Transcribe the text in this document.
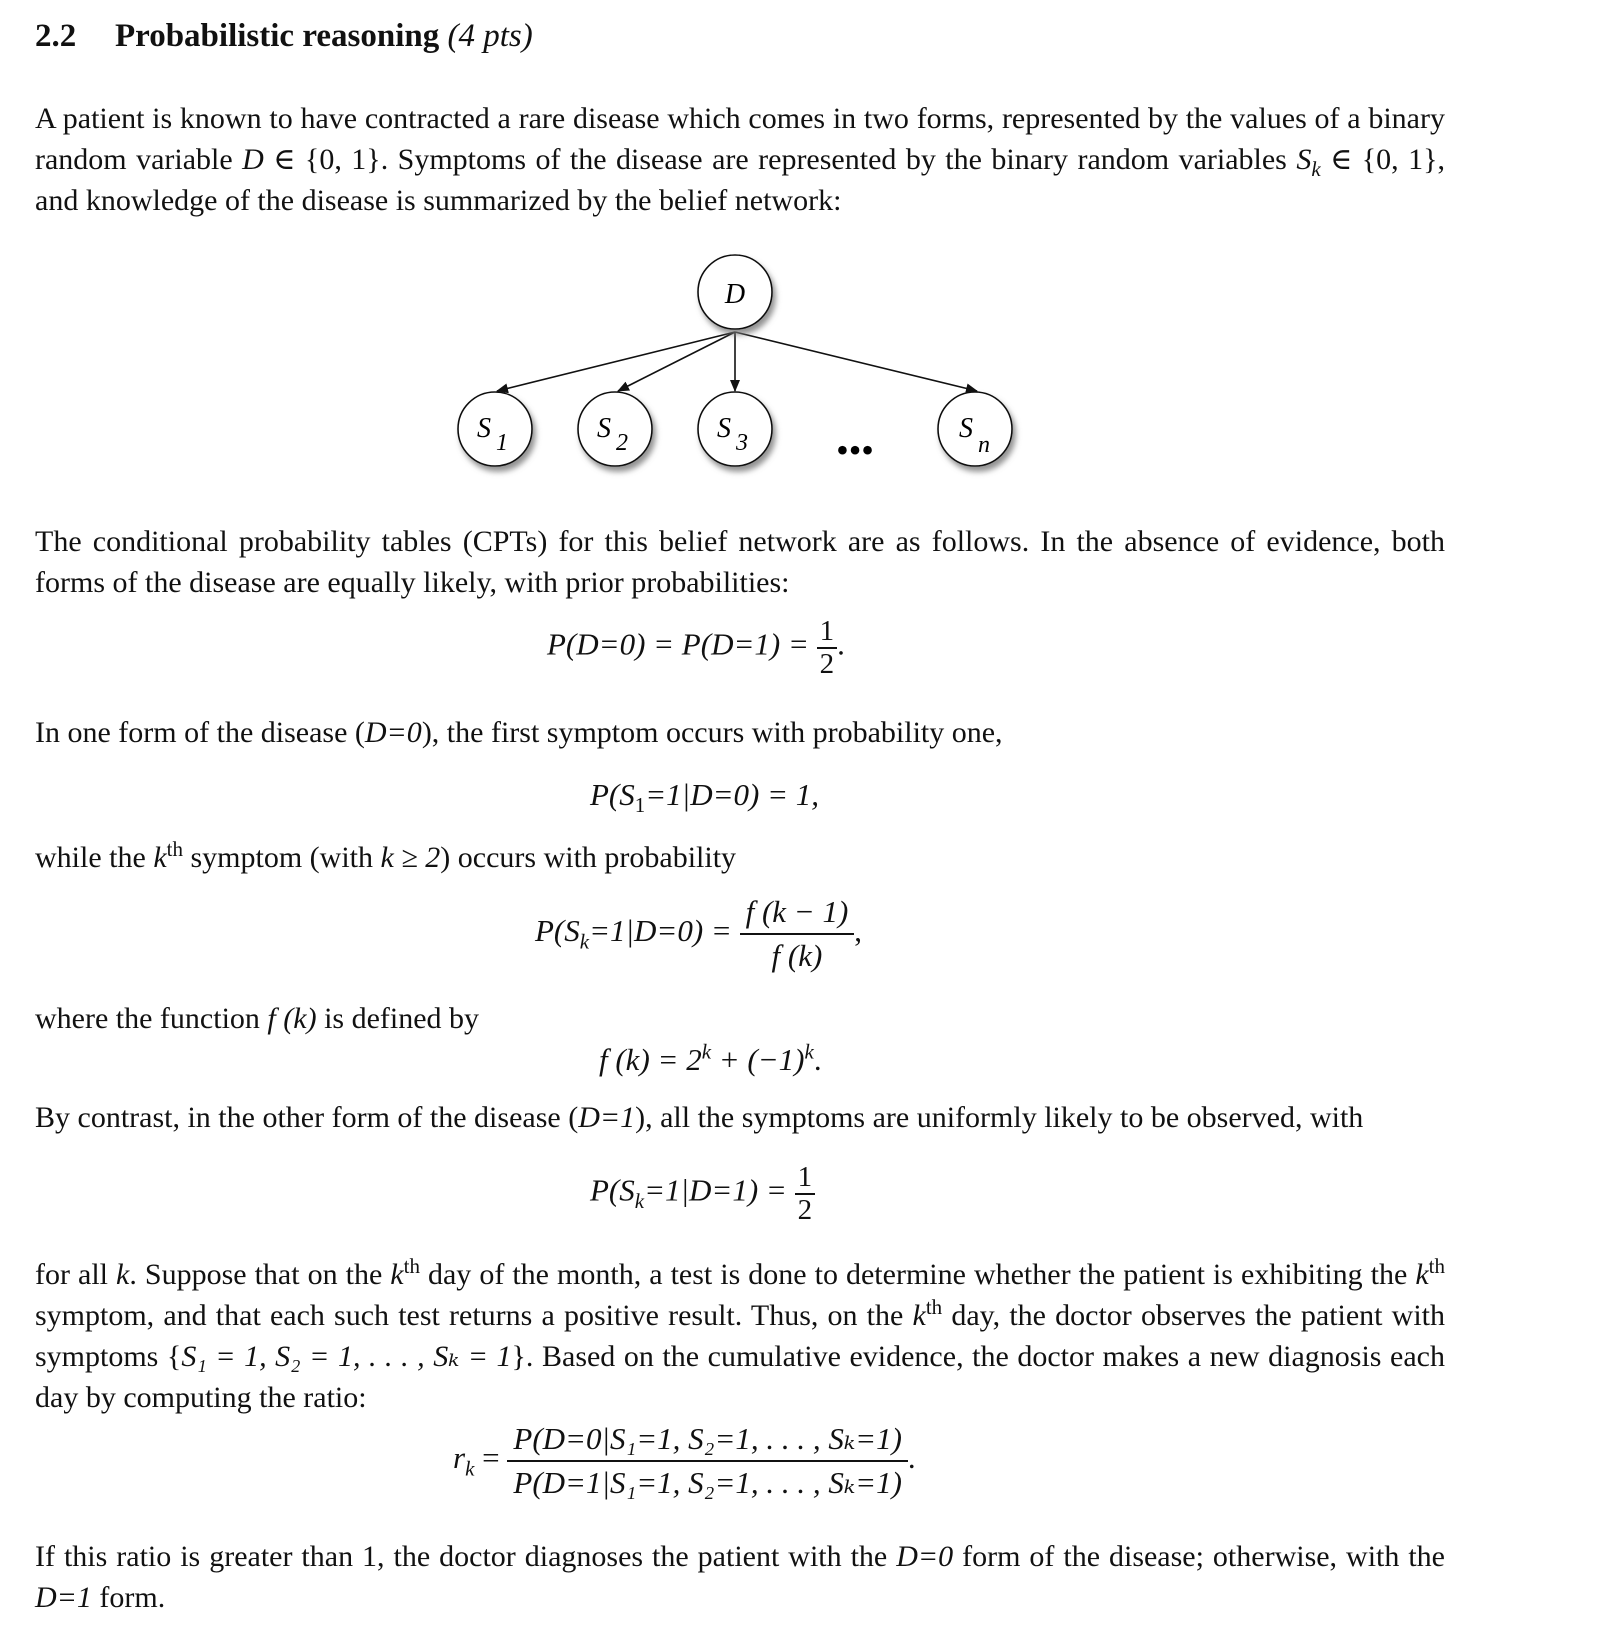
2.2 Probabilistic reasoning (4 pts)
A patient is known to have contracted a rare disease which comes in two forms, represented by the values of a binary random variable D ∈ {0, 1}. Symptoms of the disease are represented by the binary random variables $S_k$ ∈ {0, 1}, and knowledge of the disease is summarized by the belief network:
D
S 1	S 2	S 3 •••
S
n
The conditional probability tables (CPTs) for this belief network are as follows. In the absence of evidence, both forms of the disease are equally likely, with prior probabilities:
$P(D=0) = P(D=1) = \frac{1}{2}$ .
In one form of the disease (D=0), the first symptom occurs with probability one,
$P(S_1=1|D=0) = 1$,
while the $k^{th}$ symptom (with k ≥ 2) occurs with probability
$P(S_k=1|D=0) = \frac{f (k - 1)}{f (k)}$ ,
where the function f (k) is defined by
f $(k) = 2^k + (-1)^k$.
By contrast, in the other form of the disease (D=1), all the symptoms are uniformly likely to be observed, with
$P(S_k=1|D=1) = \frac{1}{2}$
for all k. Suppose that on the $k^{th}$ day of the month, a test is done to determine whether the patient is exhibiting the $k^{th}$ symptom, and that each such test returns a positive result. Thus, on the $k^{th}$ day, the doctor observes the patient with symptoms {S₁ = 1, S₂ = 1, . . . , Sₖ = 1}. Based on the cumulative evidence, the doctor makes a new diagnosis each day by computing the ratio:
$r_k = \frac{\text{P(D=0|S₁=1, S₂=1, . . . , Sₖ=1)}}{\text{P(D=1|S₁=1, S₂=1, . . . , Sₖ=1)}}$ .
If this ratio is greater than 1, the doctor diagnoses the patient with the D=0 form of the disease; otherwise, with the D=1 form.
